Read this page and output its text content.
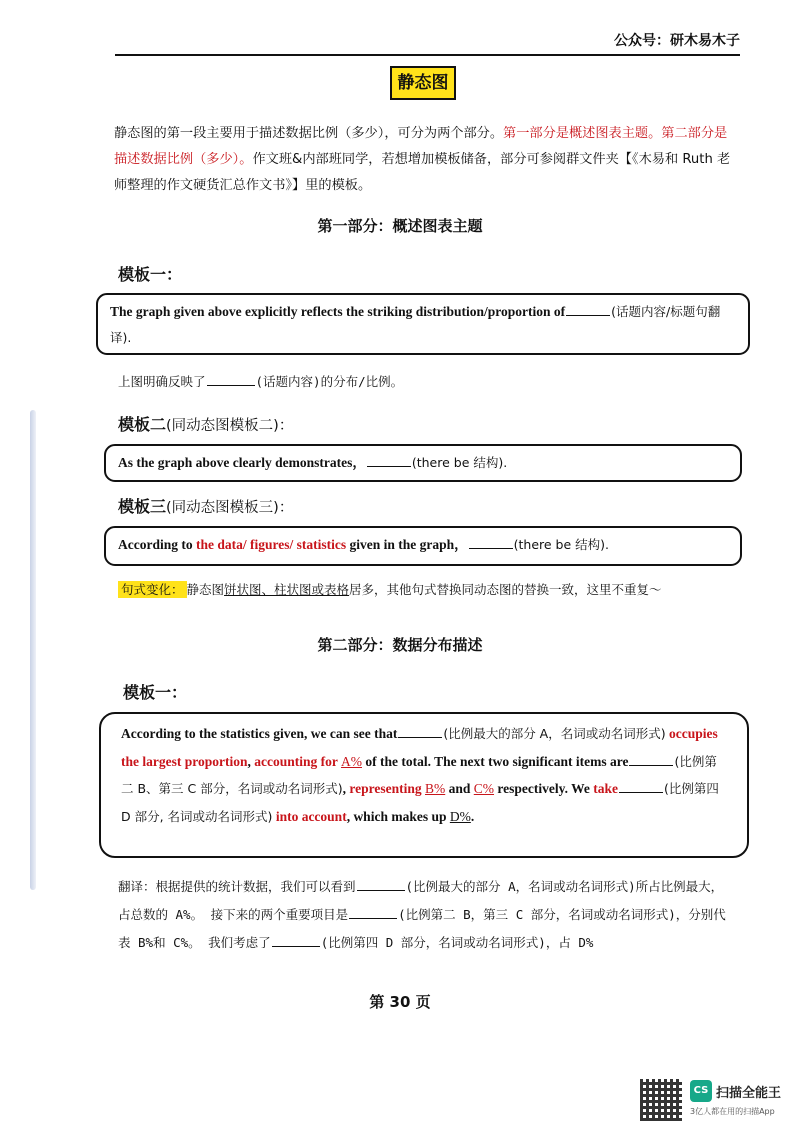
公众号：研木易木子
静态图
静态图的第一段主要用于描述数据比例（多少），可分为两个部分。第一部分是概述图表主题。第二部分是描述数据比例（多少）。作文班&内部班同学，若想增加模板储备，部分可参阅群文件夹【《木易和 Ruth 老师整理的作文硬货汇总作文书》】里的模板。
第一部分：概述图表主题
模板一：
The graph given above explicitly reflects the striking distribution/proportion of	(话题内容/标题句翻译).
上图明确反映了	(话题内容)的分布/比例。
模板二(同动态图模板二)：
As the graph above clearly demonstrates，	(there be 结构).
模板三(同动态图模板三)：
According to the data/ figures/ statistics given in the graph，	(there be 结构).
句式变化： 静态图饼状图、柱状图或表格居多，其他句式替换同动态图的替换一致，这里不重复～
第二部分：数据分布描述
模板一：
According to the statistics given, we can see that	(比例最大的部分 A，名词或动名词形式) occupies the largest proportion, accounting for A% of the total. The next two significant items are	(比例第二 B、第三 C 部分，名词或动名词形式), representing B% and C% respectively. We take	(比例第四 D 部分, 名词或动名词形式) into account, which makes up D%.
翻译：根据提供的统计数据，我们可以看到	(比例最大的部分 A，名词或动名词形式)所占比例最大，占总数的 A%。 接下来的两个重要项目是	(比例第二 B，第三 C 部分，名词或动名词形式)，分别代表 B%和 C%。 我们考虑了	(比例第四 D 部分，名词或动名词形式)，占 D%
第 30 页
CS 扫描全能王
3亿人都在用的扫描App
